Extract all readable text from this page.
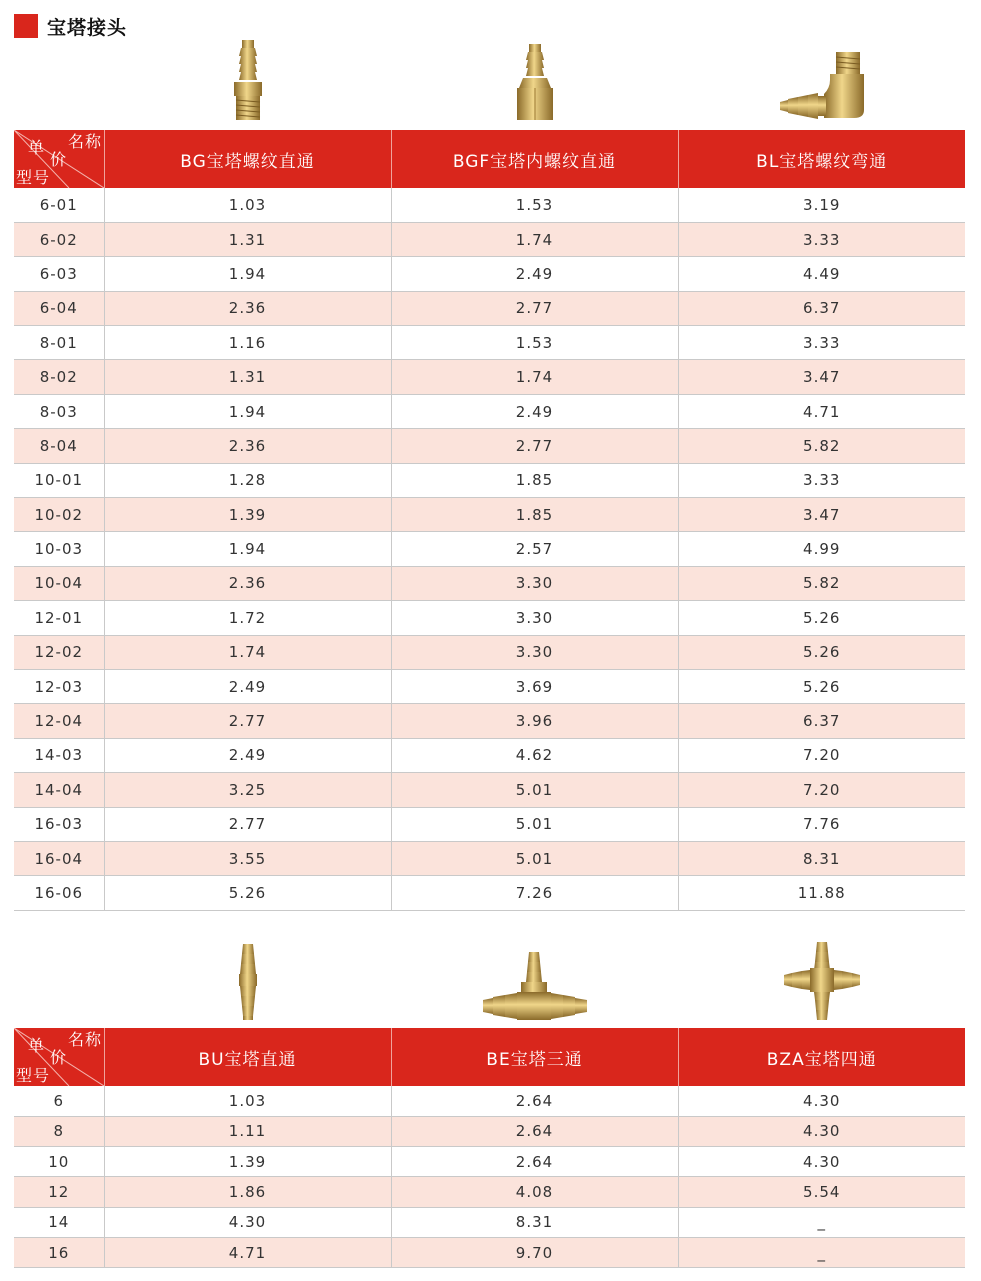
宝塔接头
名称
单
价
型号	BG宝塔螺纹直通	BGF宝塔内螺纹直通	BL宝塔螺纹弯通
6-01	1.03	1.53	3.19
6-02	1.31	1.74	3.33
6-03	1.94	2.49	4.49
6-04	2.36	2.77	6.37
8-01	1.16	1.53	3.33
8-02	1.31	1.74	3.47
8-03	1.94	2.49	4.71
8-04	2.36	2.77	5.82
10-01	1.28	1.85	3.33
10-02	1.39	1.85	3.47
10-03	1.94	2.57	4.99
10-04	2.36	3.30	5.82
12-01	1.72	3.30	5.26
12-02	1.74	3.30	5.26
12-03	2.49	3.69	5.26
12-04	2.77	3.96	6.37
14-03	2.49	4.62	7.20
14-04	3.25	5.01	7.20
16-03	2.77	5.01	7.76
16-04	3.55	5.01	8.31
16-06	5.26	7.26	11.88
名称
单
价
型号	BU宝塔直通	BE宝塔三通	BZA宝塔四通
6	1.03	2.64	4.30
8	1.11	2.64	4.30
10	1.39	2.64	4.30
12	1.86	4.08	5.54
14	4.30	8.31	_
16	4.71	9.70	_
